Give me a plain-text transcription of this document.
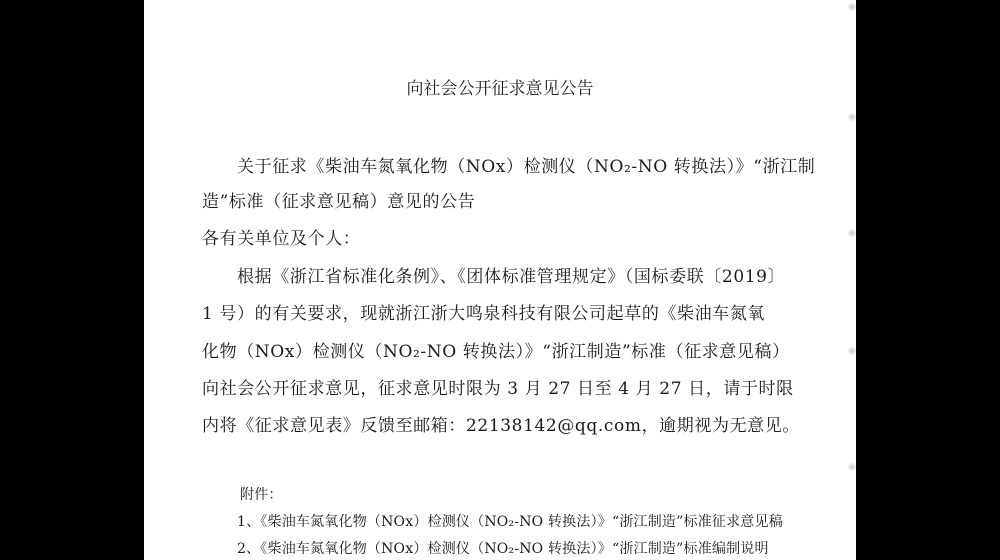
向社会公开征求意见公告
关于征求《柴油车氮氧化物（NOx）检测仪（NO₂-NO 转换法）》“浙江制
造”标准（征求意见稿）意见的公告
各有关单位及个人：
根据《浙江省标准化条例》、《团体标准管理规定》（国标委联〔2019〕
1 号）的有关要求，现就浙江浙大鸣泉科技有限公司起草的《柴油车氮氧
化物（NOx）检测仪（NO₂-NO 转换法）》“浙江制造”标准（征求意见稿）
向社会公开征求意见，征求意见时限为 3 月 27 日至 4 月 27 日，请于时限
内将《征求意见表》反馈至邮箱：22138142@qq.com，逾期视为无意见。
附件：
1、《柴油车氮氧化物（NOx）检测仪（NO₂-NO 转换法）》“浙江制造”标准征求意见稿
2、《柴油车氮氧化物（NOx）检测仪（NO₂-NO 转换法）》“浙江制造”标准编制说明
